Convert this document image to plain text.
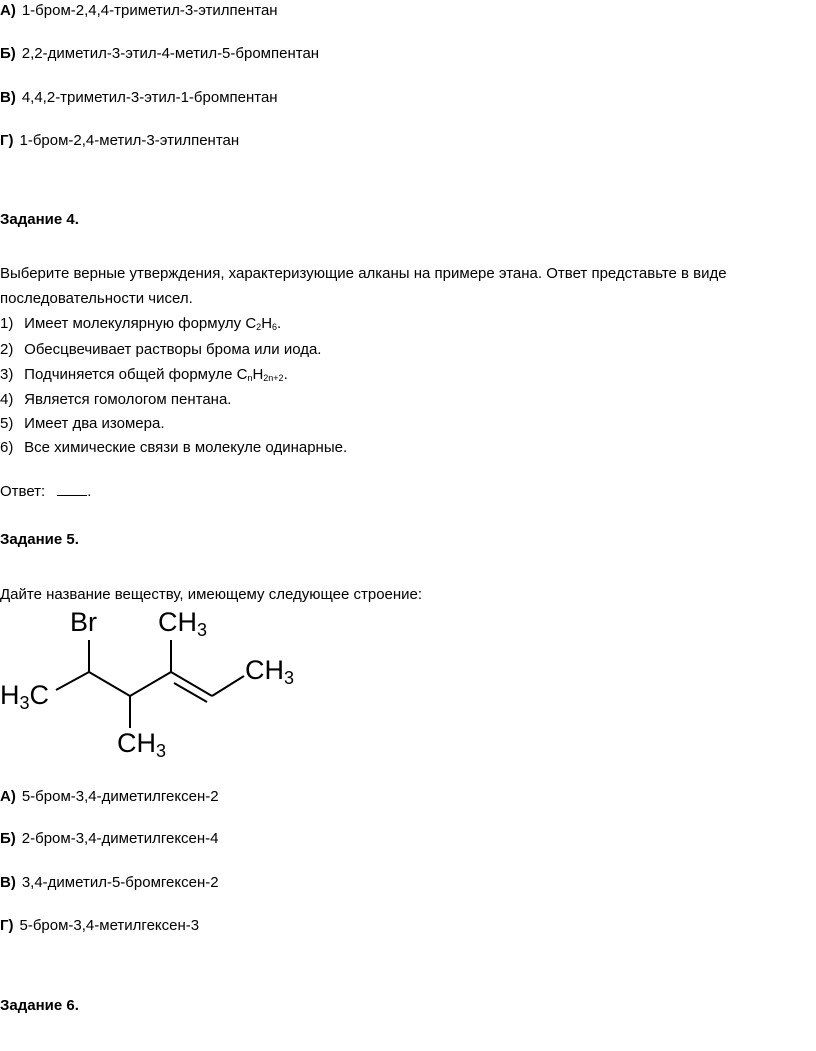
А) 1-бром-2,4,4-триметил-3-этилпентан
Б) 2,2-диметил-3-этил-4-метил-5-бромпентан
В) 4,4,2-триметил-3-этил-1-бромпентан
Г) 1-бром-2,4-метил-3-этилпентан
Задание 4.
Выберите верные утверждения, характеризующие алканы на примере этана. Ответ представьте в виде
последовательности чисел.
1) Имеет молекулярную формулу $C_2H_6$.
2) Обесцвечивает растворы брома или иода.
3) Подчиняется общей формуле $C_nH_{2n+2}$.
4) Является гомологом пентана.
5) Имеет два изомера.
6) Все химические связи в молекуле одинарные.
Ответ:	.
Задание 5.
Дайте название веществу, имеющему следующее строение:
Br CH3
CH3
H3C
CH3
А) 5-бром-3,4-диметилгексен-2
Б) 2-бром-3,4-диметилгексен-4
В) 3,4-диметил-5-бромгексен-2
Г) 5-бром-3,4-метилгексен-3
Задание 6.
